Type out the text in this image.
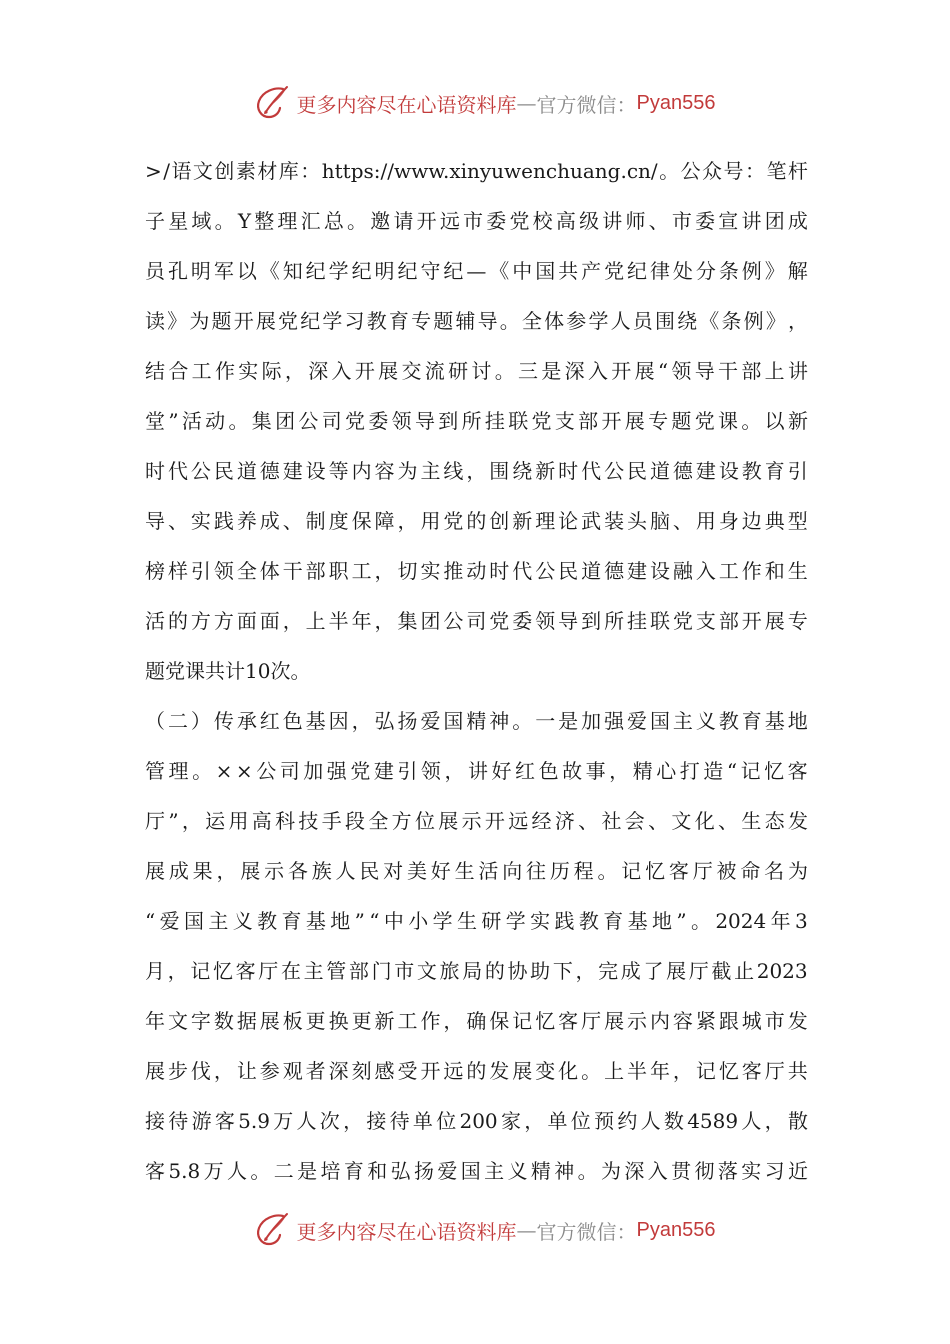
更多内容尽在心语资料库 — 官方微信： Pyan556
> / 语 文 创 素 材 库 ： https://www.xinyuwenchuang.cn/ 。 公 众 号 ： 笔 杆
子 星 域 。 Y 整 理 汇 总 。 邀 请 开 远 市 委 党 校 高 级 讲 师 、 市 委 宣 讲 团 成
员 孔 明 军 以 《 知 纪 学 纪 明 纪 守 纪 — 《 中 国 共 产 党 纪 律 处 分 条 例 》 解
读 》 为 题 开 展 党 纪 学 习 教 育 专 题 辅 导 。 全 体 参 学 人 员 围 绕 《 条 例 》 ，
结 合 工 作 实 际 ， 深 入 开 展 交 流 研 讨 。 三 是 深 入 开 展 “ 领 导 干 部 上 讲
堂 ” 活 动 。 集 团 公 司 党 委 领 导 到 所 挂 联 党 支 部 开 展 专 题 党 课 。 以 新
时 代 公 民 道 德 建 设 等 内 容 为 主 线 ， 围 绕 新 时 代 公 民 道 德 建 设 教 育 引
导 、 实 践 养 成 、 制 度 保 障 ， 用 党 的 创 新 理 论 武 装 头 脑 、 用 身 边 典 型
榜 样 引 领 全 体 干 部 职 工 ， 切 实 推 动 时 代 公 民 道 德 建 设 融 入 工 作 和 生
活 的 方 方 面 面 ， 上 半 年 ， 集 团 公 司 党 委 领 导 到 所 挂 联 党 支 部 开 展 专
题党课共计10次。
（ 二 ） 传 承 红 色 基 因 ， 弘 扬 爱 国 精 神 。 一 是 加 强 爱 国 主 义 教 育 基 地
管 理 。 × × 公 司 加 强 党 建 引 领 ， 讲 好 红 色 故 事 ， 精 心 打 造 “ 记 忆 客
厅 ” ， 运 用 高 科 技 手 段 全 方 位 展 示 开 远 经 济 、 社 会 、 文 化 、 生 态 发
展 成 果 ， 展 示 各 族 人 民 对 美 好 生 活 向 往 历 程 。 记 忆 客 厅 被 命 名 为
“ 爱 国 主 义 教 育 基 地 ” “ 中 小 学 生 研 学 实 践 教 育 基 地 ” 。 2024 年 3
月 ， 记 忆 客 厅 在 主 管 部 门 市 文 旅 局 的 协 助 下 ， 完 成 了 展 厅 截 止 2023
年 文 字 数 据 展 板 更 换 更 新 工 作 ， 确 保 记 忆 客 厅 展 示 内 容 紧 跟 城 市 发
展 步 伐 ， 让 参 观 者 深 刻 感 受 开 远 的 发 展 变 化 。 上 半 年 ， 记 忆 客 厅 共
接 待 游 客 5.9 万 人 次 ， 接 待 单 位 200 家 ， 单 位 预 约 人 数 4589 人 ， 散
客 5.8 万 人 。 二 是 培 育 和 弘 扬 爱 国 主 义 精 神 。 为 深 入 贯 彻 落 实 习 近
更多内容尽在心语资料库 — 官方微信： Pyan556
